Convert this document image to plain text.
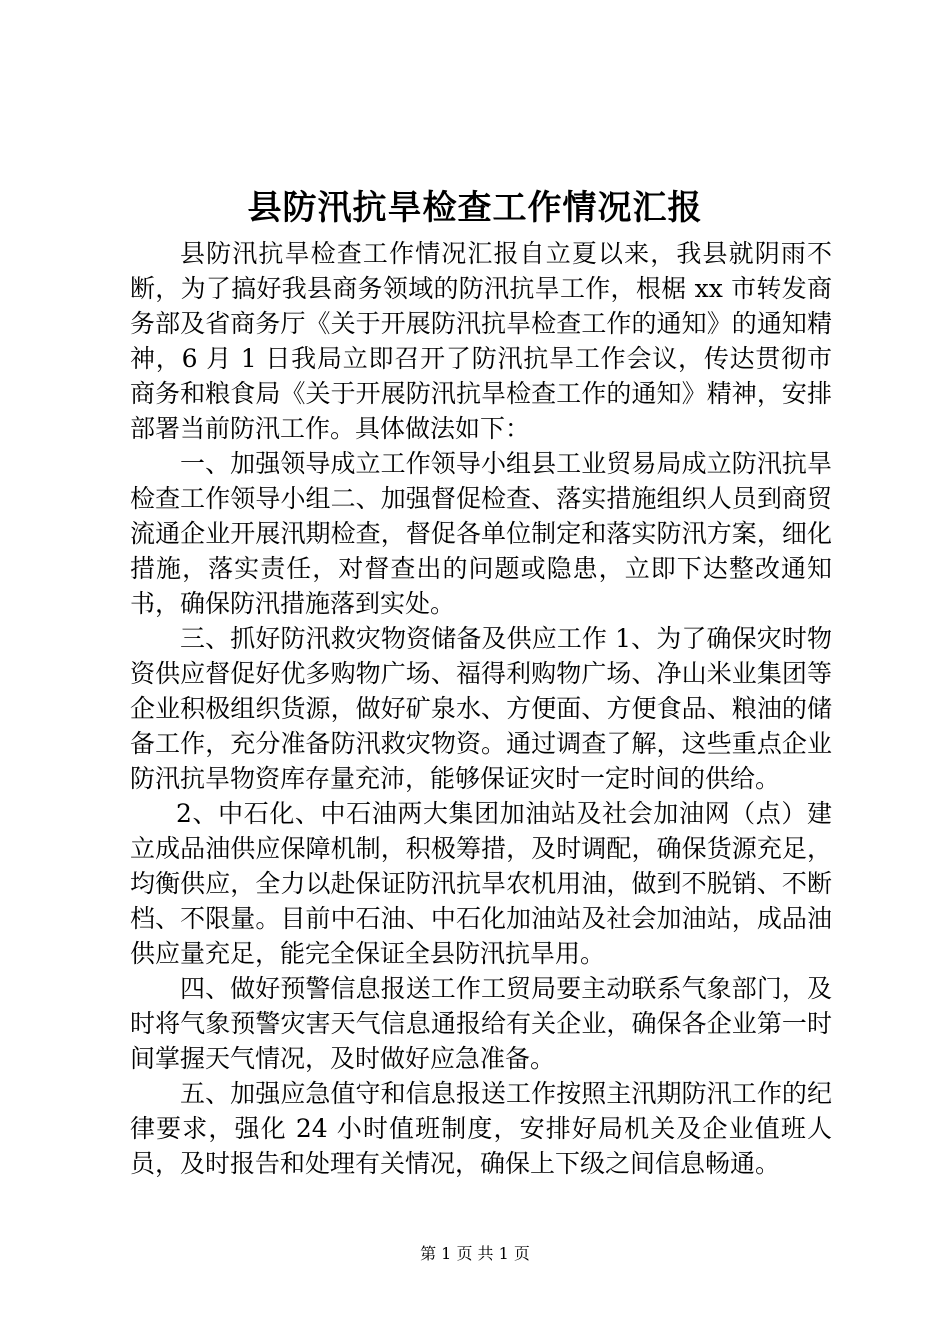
县防汛抗旱检查工作情况汇报

县防汛抗旱检查工作情况汇报自立夏以来，我县就阴雨不断，为了搞好我县商务领域的防汛抗旱工作，根椐 xx 市转发商务部及省商务厅《关于开展防汛抗旱检查工作的通知》的通知精神，6 月 1 日我局立即召开了防汛抗旱工作会议，传达贯彻市商务和粮食局《关于开展防汛抗旱检查工作的通知》精神，安排部署当前防汛工作。具体做法如下：

一、加强领导成立工作领导小组县工业贸易局成立防汛抗旱检查工作领导小组二、加强督促检查、落实措施组织人员到商贸流通企业开展汛期检查，督促各单位制定和落实防汛方案，细化措施，落实责任，对督查出的问题或隐患，立即下达整改通知书，确保防汛措施落到实处。

三、抓好防汛救灾物资储备及供应工作 1、为了确保灾时物资供应督促好优多购物广场、福得利购物广场、净山米业集团等企业积极组织货源，做好矿泉水、方便面、方便食品、粮油的储备工作，充分准备防汛救灾物资。通过调查了解，这些重点企业防汛抗旱物资库存量充沛，能够保证灾时一定时间的供给。

2、中石化、中石油两大集团加油站及社会加油网（点）建立成品油供应保障机制，积极筹措，及时调配，确保货源充足，均衡供应，全力以赴保证防汛抗旱农机用油，做到不脱销、不断档、不限量。目前中石油、中石化加油站及社会加油站，成品油供应量充足，能完全保证全县防汛抗旱用。

四、做好预警信息报送工作工贸局要主动联系气象部门，及时将气象预警灾害天气信息通报给有关企业，确保各企业第一时间掌握天气情况，及时做好应急准备。

五、加强应急值守和信息报送工作按照主汛期防汛工作的纪律要求，强化 24 小时值班制度，安排好局机关及企业值班人员，及时报告和处理有关情况，确保上下级之间信息畅通。

第 1 页 共 1 页
